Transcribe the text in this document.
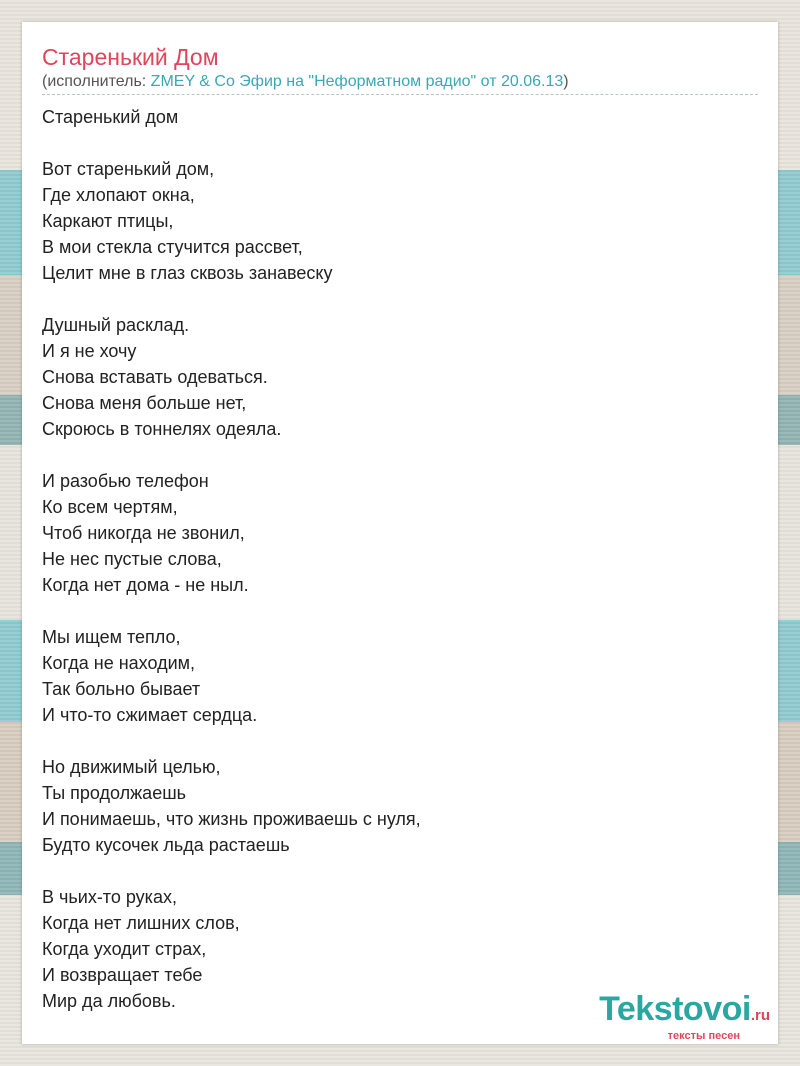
Старенький Дом
(исполнитель: ZMEY & Co Эфир на "Неформатном радио" от 20.06.13)
Старенький дом
Вот старенький дом,
Где хлопают окна,
Каркают птицы,
В мои стекла стучится рассвет,
Целит мне в глаз сквозь занавеску
Душный расклад.
И я не хочу
Снова вставать одеваться.
Снова меня больше нет,
Скроюсь в тоннелях одеяла.
И разобью телефон
Ко всем чертям,
Чтоб никогда не звонил,
Не нес пустые слова,
Когда нет дома - не ныл.
Мы ищем тепло,
Когда не находим,
Так больно бывает
И что-то сжимает сердца.
Но движимый целью,
Ты продолжаешь
И понимаешь, что жизнь проживаешь с нуля,
Будто кусочек льда растаешь
В чьих-то руках,
Когда нет лишних слов,
Когда уходит страх,
И возвращает тебе
Мир да любовь.	Tekstovoi.ru
тексты песен
